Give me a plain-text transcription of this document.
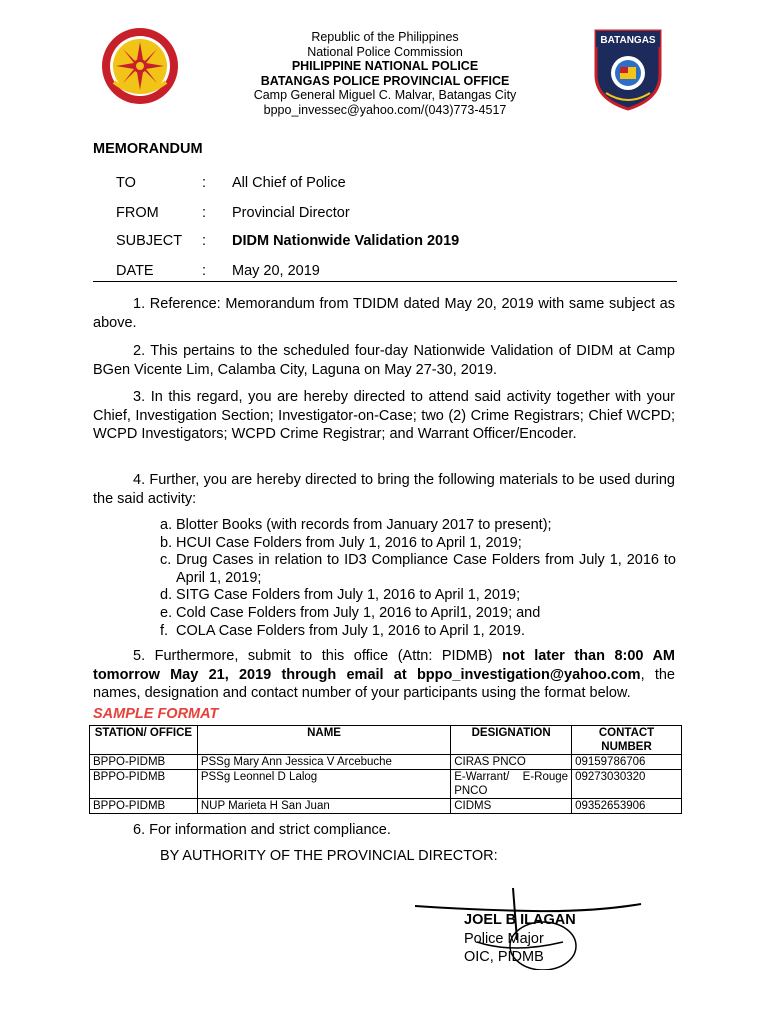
Republic of the Philippines
National Police Commission
PHILIPPINE NATIONAL POLICE
BATANGAS POLICE PROVINCIAL OFFICE
Camp General Miguel C. Malvar, Batangas City
bppo_invessec@yahoo.com/(043)773-4517
BATANGAS
MEMORANDUM
TO	: All Chief of Police
FROM	: Provincial Director
SUBJECT	: DIDM Nationwide Validation 2019
DATE	: May 20, 2019

1. Reference: Memorandum from TDIDM dated May 20, 2019 with same subject as above.

2. This pertains to the scheduled four-day Nationwide Validation of DIDM at Camp BGen Vicente Lim, Calamba City, Laguna on May 27-30, 2019.

3. In this regard, you are hereby directed to attend said activity together with your Chief, Investigation Section; Investigator-on-Case; two (2) Crime Registrars; Chief WCPD; WCPD Investigators; WCPD Crime Registrar; and Warrant Officer/Encoder.

4. Further, you are hereby directed to bring the following materials to be used during the said activity:

a. Blotter Books (with records from January 2017 to present);
b. HCUI Case Folders from July 1, 2016 to April 1, 2019;
c. Drug Cases in relation to ID3 Compliance Case Folders from July 1, 2016 to April 1, 2019;
d. SITG Case Folders from July 1, 2016 to April 1, 2019;
e. Cold Case Folders from July 1, 2016 to April1, 2019; and
f. COLA Case Folders from July 1, 2016 to April 1, 2019.

5. Furthermore, submit to this office (Attn: PIDMB) not later than 8:00 AM tomorrow May 21, 2019 through email at bppo_investigation@yahoo.com, the names, designation and contact number of your participants using the format below.

SAMPLE FORMAT
STATION/ OFFICE	NAME	DESIGNATION	CONTACT NUMBER
BPPO-PIDMB	PSSg Mary Ann Jessica V Arcebuche	CIRAS PNCO	09159786706
BPPO-PIDMB	PSSg Leonnel D Lalog	E-Warrant/ E-Rouge PNCO	09273030320
BPPO-PIDMB	NUP Marieta H San Juan	CIDMS	09352653906
6. For information and strict compliance.
BY AUTHORITY OF THE PROVINCIAL DIRECTOR:
JOEL B ILAGAN
Police Major
OIC, PIDMB
